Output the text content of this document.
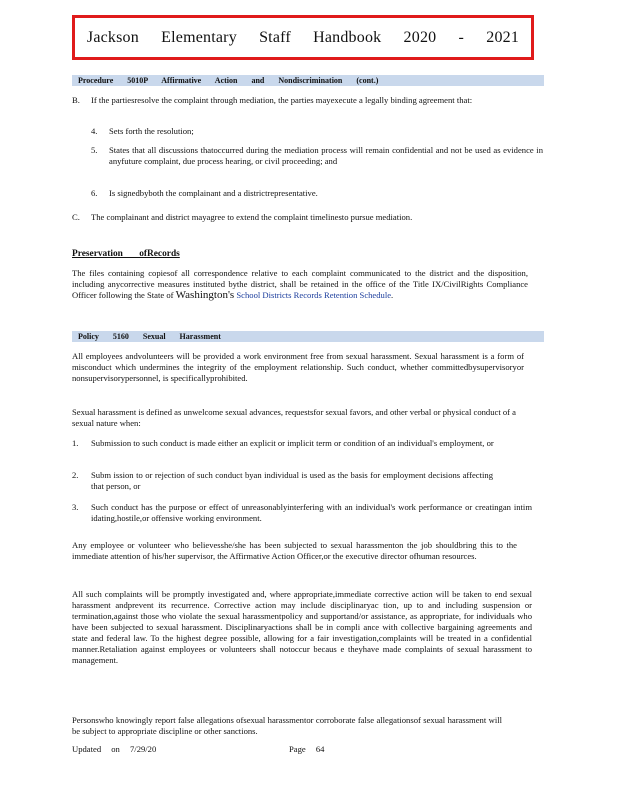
Jackson Elementary Staff Handbook 2020 - 2021
Procedure 5010P Affirmative Action and Nondiscrimination (cont.)
B. If the partiesresolve the complaint through mediation, the parties mayexecute a legally binding agreement that:
4. Sets forth the resolution;
5. States that all discussions thatoccurred during the mediation process will remain confidential and not be used as evidence in anyfuture complaint, due process hearing, or civil proceeding; and
6. Is signedbyboth the complainant and a districtrepresentative.
C. The complainant and district mayagree to extend the complaint timelinesto pursue mediation.
Preservation ofRecords
The files containing copiesof all correspondence relative to each complaint communicated to the district and the disposition, including anycorrective measures instituted bythe district, shall be retained in the office of the Title IX/CivilRights Compliance Officer following the State of Washington's School Districts Records Retention Schedule.
Policy 5160 Sexual Harassment
All employees andvolunteers will be provided a work environment free from sexual harassment. Sexual harassment is a form of misconduct which undermines the integrity of the employment relationship. Such conduct, whether committedbysupervisoryor nonsupervisorypersonnel, is specificallyprohibited.
Sexual harassment is defined as unwelcome sexual advances, requestsfor sexual favors, and other verbal or physical conduct of a sexual nature when:
1. Submission to such conduct is made either an explicit or implicit term or condition of an individual's employment, or
2. Subm ission to or rejection of such conduct byan individual is used as the basis for employment decisions affecting that person, or
3. Such conduct has the purpose or effect of unreasonablyinterfering with an individual's work performance or creatingan intim idating,hostile,or offensive working environment.
Any employee or volunteer who believesshe/she has been subjected to sexual harassmenton the job shouldbring this to the immediate attention of his/her supervisor, the Affirmative Action Officer,or the executive director ofhuman resources.
All such complaints will be promptly investigated and, where appropriate,immediate corrective action will be taken to end sexual harassment andprevent its recurrence. Corrective action may include disciplinaryac tion, up to and including suspension or termination,against those who violate the sexual harassmentpolicy and supportand/or assistance, as appropriate, for individuals who have been subjected to sexual harassment. Disciplinaryactions shall be in compli ance with collective bargaining agreements and state and federal law. To the highest degree possible, allowing for a fair investigation,complaints will be treated in a confidential manner.Retaliation against employees or volunteers shall notoccur becaus e theyhave made complaints of sexual harassment to management.
Personswho knowingly report false allegations ofsexual harassmentor corroborate false allegationsof sexual harassment will be subject to appropriate discipline or other sanctions.
Updated on 7/29/20	Page 64
